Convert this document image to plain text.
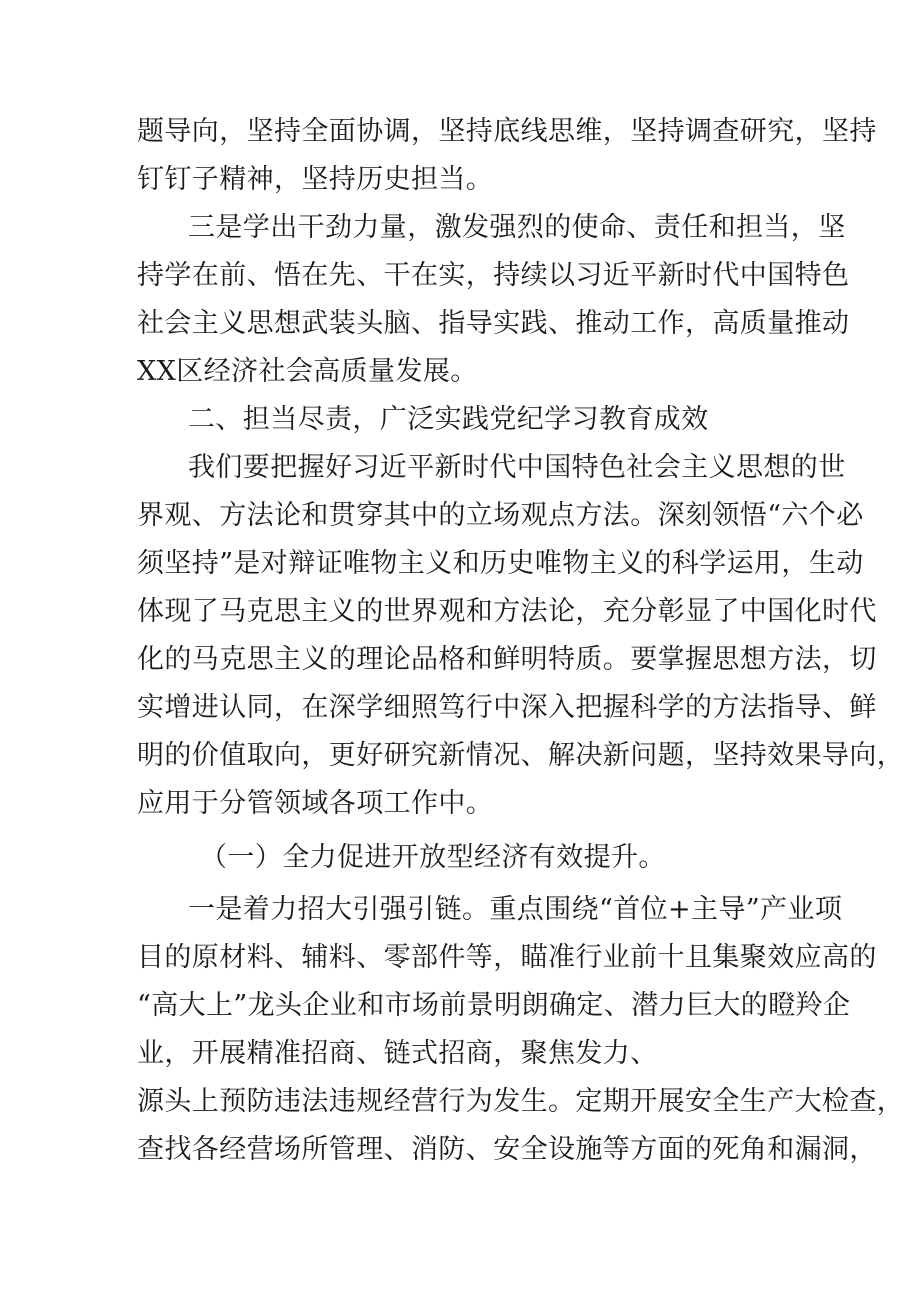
题导向，坚持全面协调，坚持底线思维，坚持调查研究，坚持
钉钉子精神，坚持历史担当。
三是学出干劲力量，激发强烈的使命、责任和担当，坚
持学在前、悟在先、干在实，持续以习近平新时代中国特色
社会主义思想武装头脑、指导实践、推动工作，高质量推动
XX区经济社会高质量发展。
二、担当尽责，广泛实践党纪学习教育成效
我们要把握好习近平新时代中国特色社会主义思想的世
界观、方法论和贯穿其中的立场观点方法。深刻领悟“六个必
须坚持”是对辩证唯物主义和历史唯物主义的科学运用，生动
体现了马克思主义的世界观和方法论，充分彰显了中国化时代
化的马克思主义的理论品格和鲜明特质。要掌握思想方法，切
实增进认同，在深学细照笃行中深入把握科学的方法指导、鲜
明的价值取向，更好研究新情况、解决新问题，坚持效果导向，
应用于分管领域各项工作中。
（一）全力促进开放型经济有效提升。
一是着力招大引强引链。重点围绕“首位+主导”产业项
目的原材料、辅料、零部件等，瞄准行业前十且集聚效应高的
“高大上”龙头企业和市场前景明朗确定、潜力巨大的瞪羚企
业，开展精准招商、链式招商，聚焦发力、
源头上预防违法违规经营行为发生。定期开展安全生产大检查，
查找各经营场所管理、消防、安全设施等方面的死角和漏洞，
